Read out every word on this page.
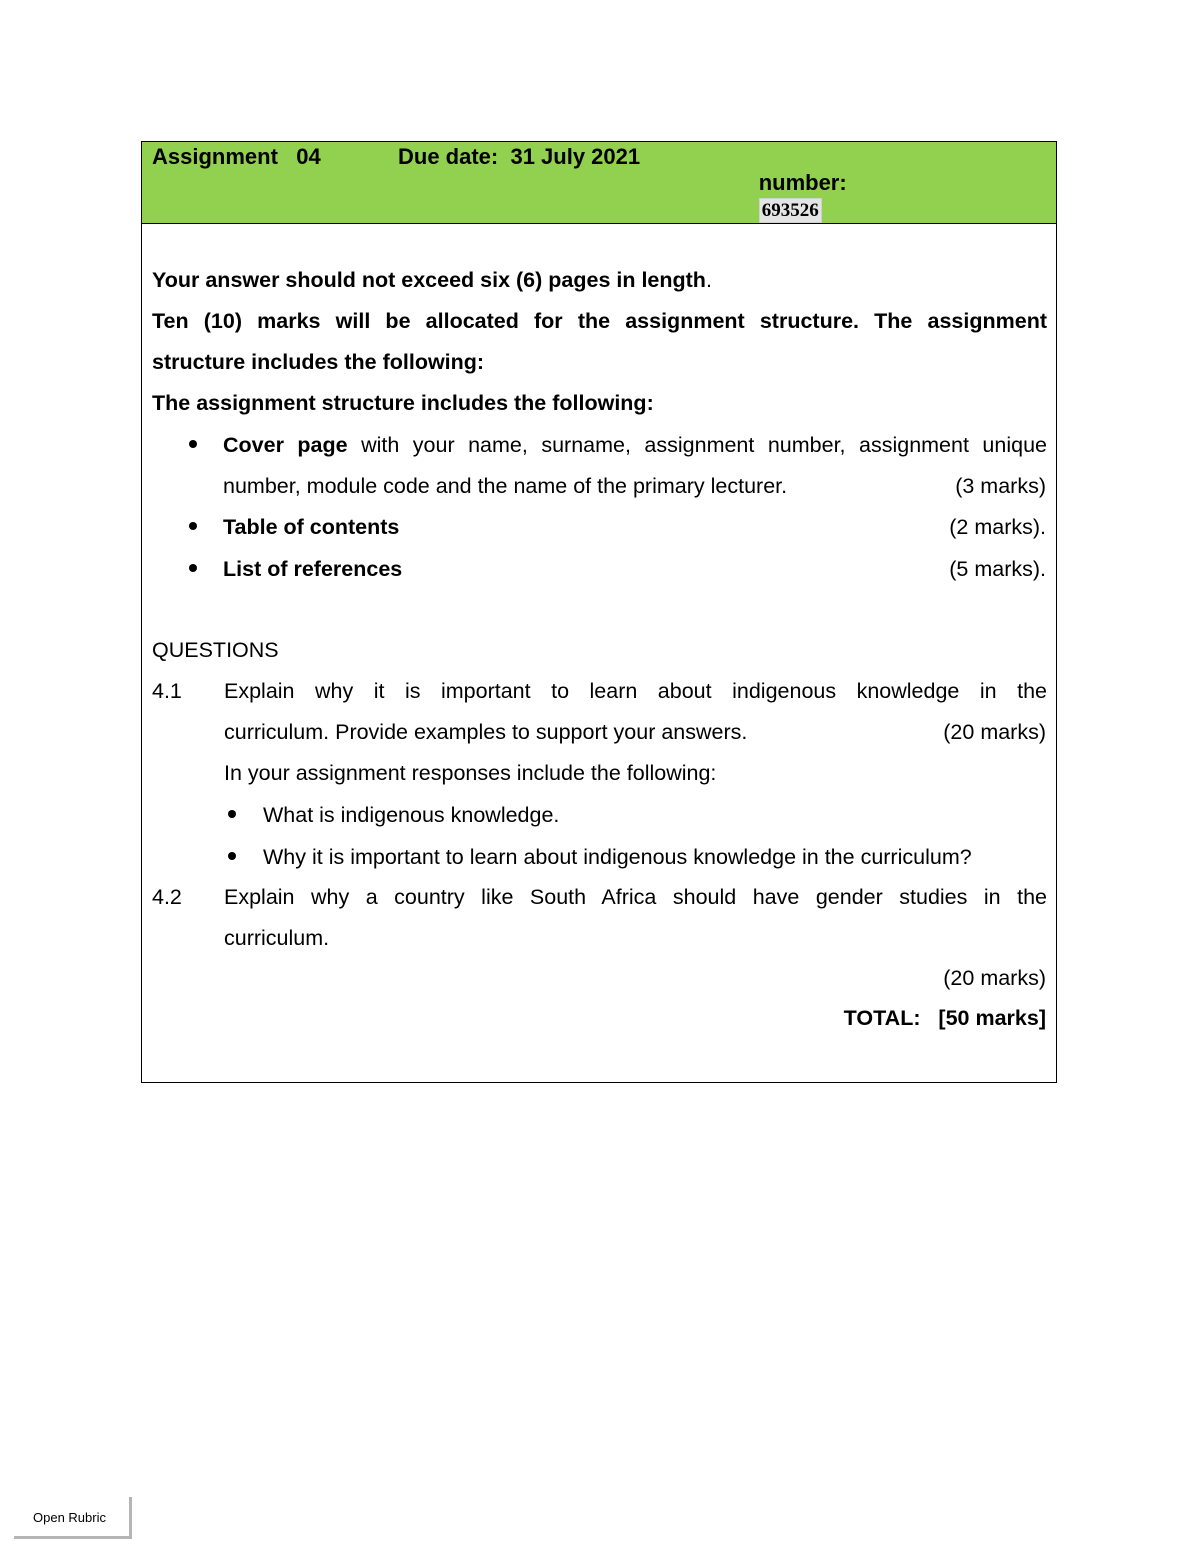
Assignment   04	Due date:  31 July 2021

number:
693526

Your answer should not exceed six (6) pages in length.
Ten (10) marks will be allocated for the assignment structure. The assignment
structure includes the following:
The assignment structure includes the following:
Cover page with your name, surname, assignment number, assignment unique
number, module code and the name of the primary lecturer.	(3 marks)
Table of contents	(2 marks).
List of references	(5 marks).
QUESTIONS
4.1 Explain why it is important to learn about indigenous knowledge in the
curriculum. Provide examples to support your answers.	(20 marks)
In your assignment responses include the following:
What is indigenous knowledge.
Why it is important to learn about indigenous knowledge in the curriculum?
4.2 Explain why a country like South Africa should have gender studies in the
curriculum.
(20 marks)
TOTAL: [50 marks]
Open Rubric
